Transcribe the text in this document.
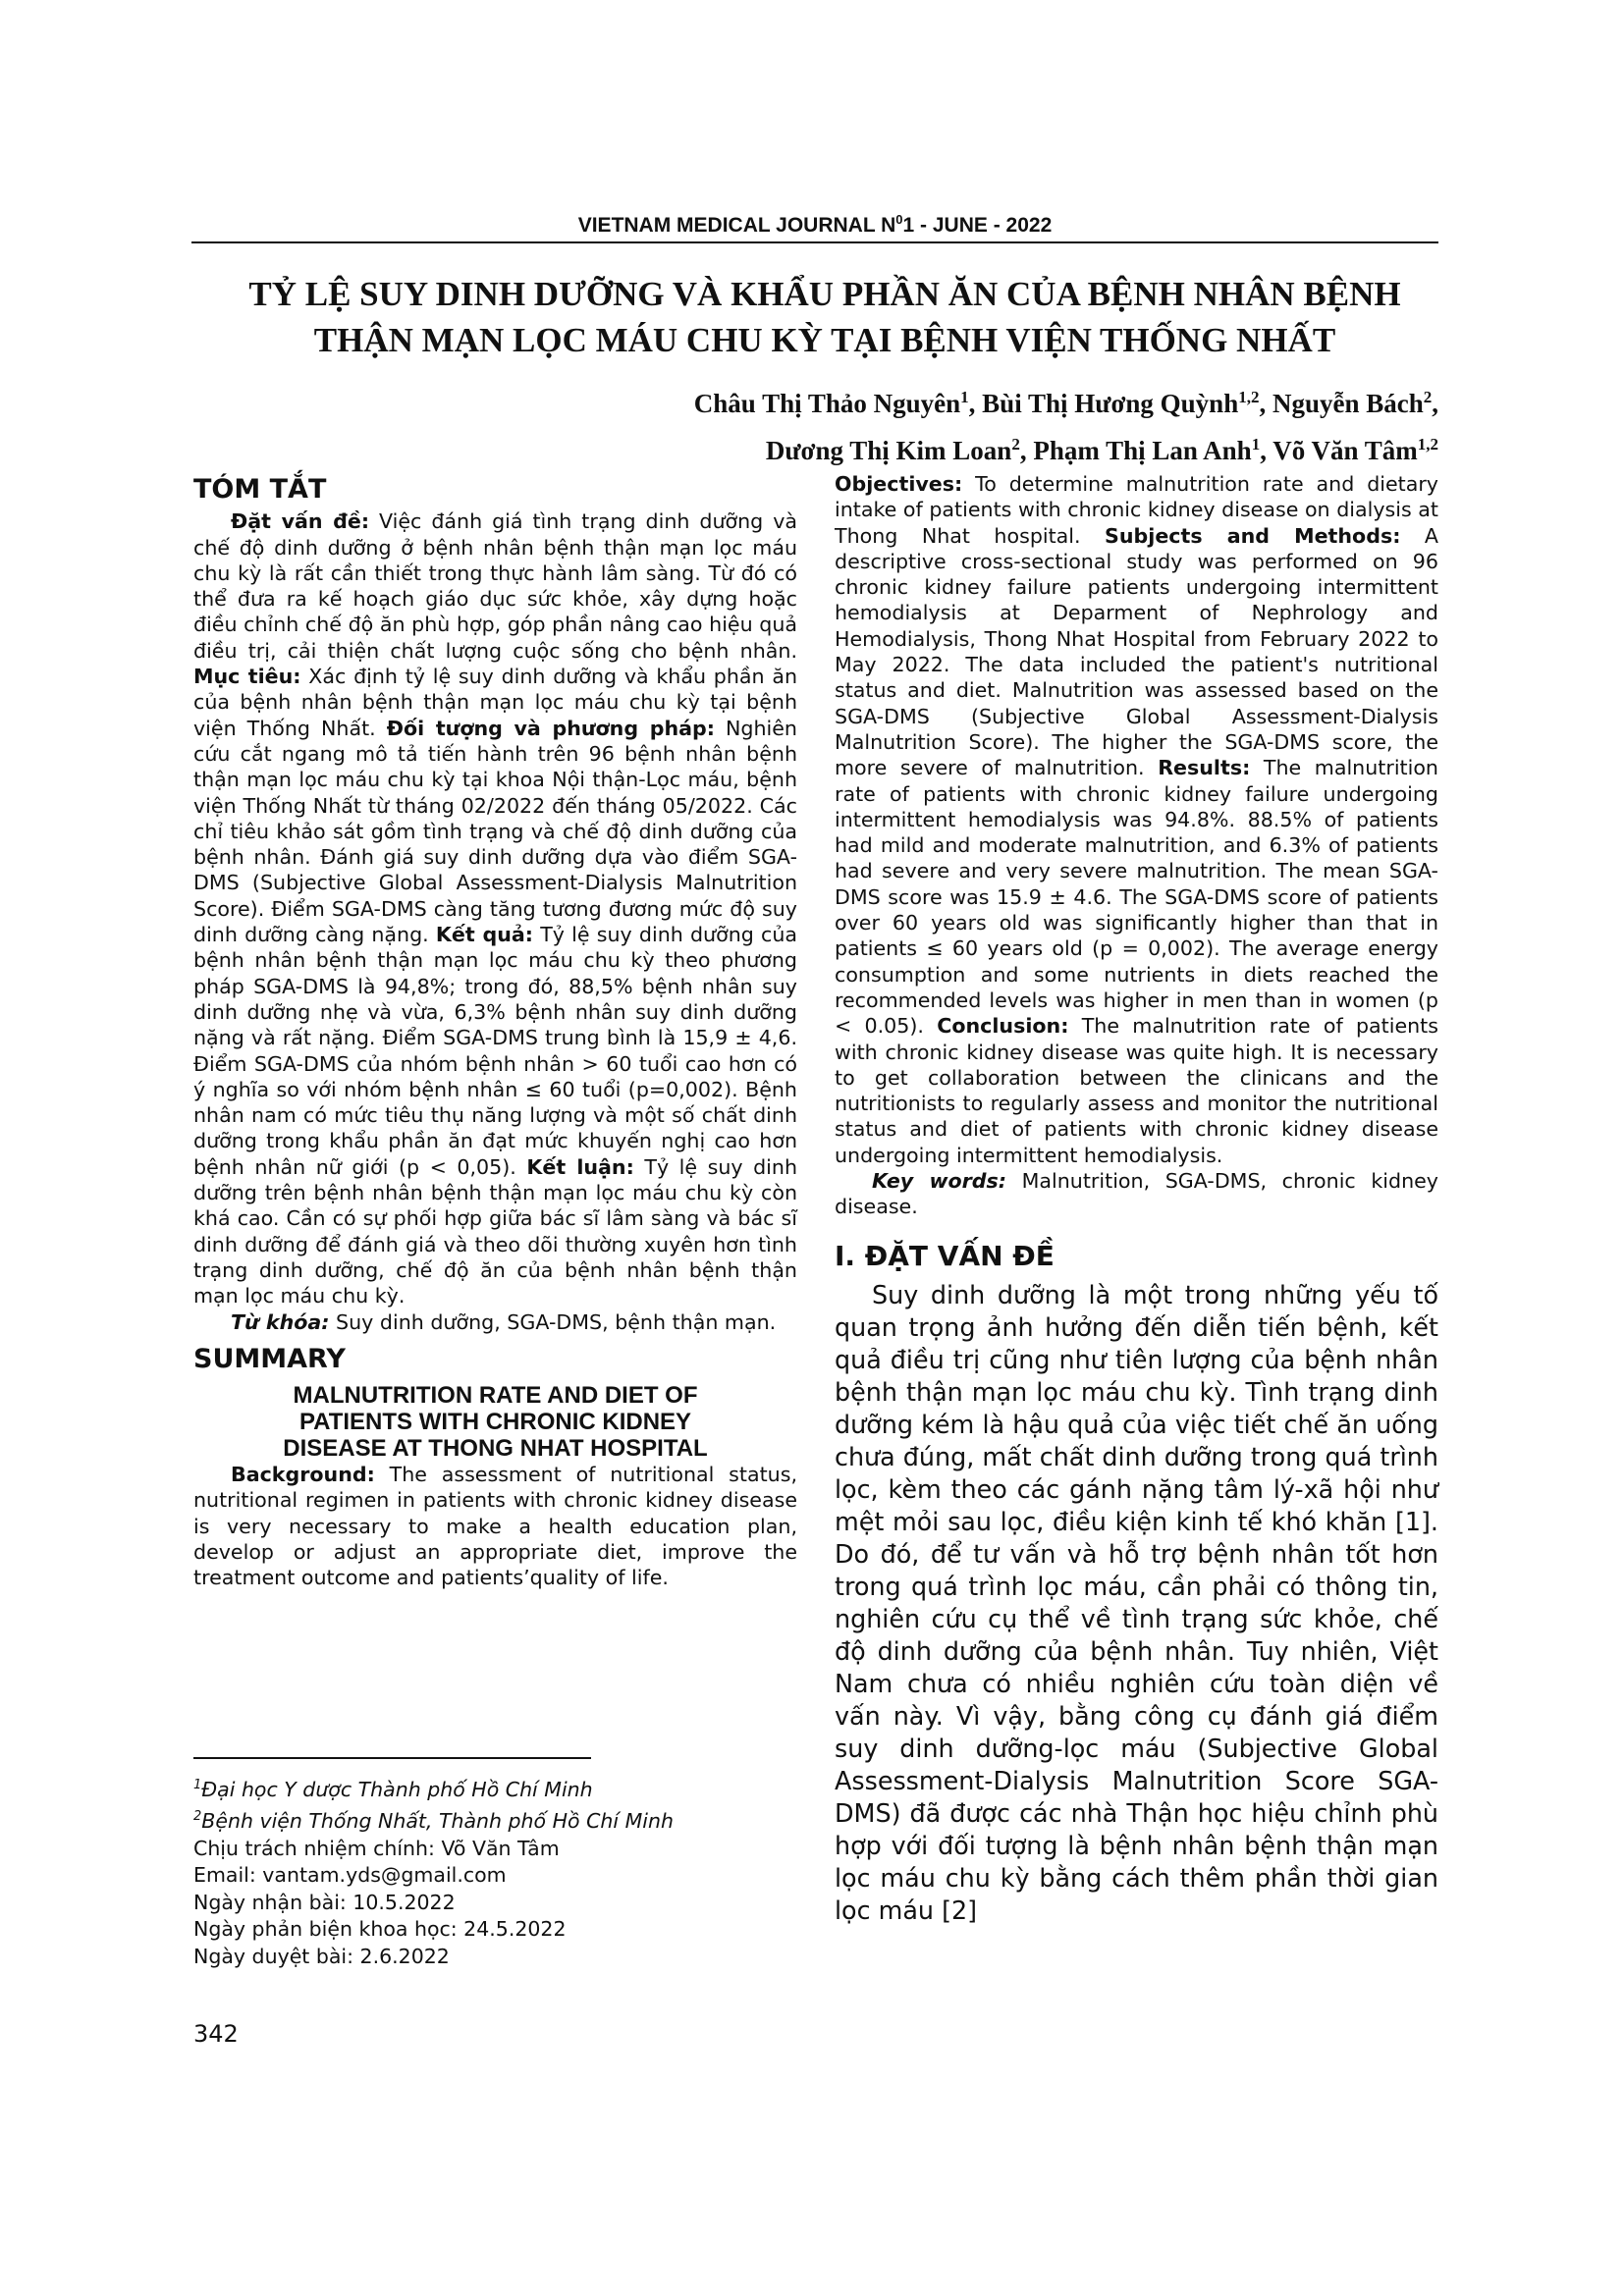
VIETNAM MEDICAL JOURNAL $N^01$ - JUNE - 2022
TỶ LỆ SUY DINH DƯỠNG VÀ KHẨU PHẦN ĂN CỦA BỆNH NHÂN BỆNH
THẬN MẠN LỌC MÁU CHU KỲ TẠI BỆNH VIỆN THỐNG NHẤT
Châu Thị Thảo Nguyên$^1$, Bùi Thị Hương Quỳnh$^{1,2}$, Nguyễn Bách$^2$,
Dương Thị Kim Loan$^2$, Phạm Thị Lan Anh$^1$, Võ Văn Tâm$^{1,2}$

TÓM TẮT

Đặt vấn đề: Việc đánh giá tình trạng dinh dưỡng và chế độ dinh dưỡng ở bệnh nhân bệnh thận mạn lọc máu chu kỳ là rất cần thiết trong thực hành lâm sàng. Từ đó có thể đưa ra kế hoạch giáo dục sức khỏe, xây dựng hoặc điều chỉnh chế độ ăn phù hợp, góp phần nâng cao hiệu quả điều trị, cải thiện chất lượng cuộc sống cho bệnh nhân. Mục tiêu: Xác định tỷ lệ suy dinh dưỡng và khẩu phần ăn của bệnh nhân bệnh thận mạn lọc máu chu kỳ tại bệnh viện Thống Nhất. Đối tượng và phương pháp: Nghiên cứu cắt ngang mô tả tiến hành trên 96 bệnh nhân bệnh thận mạn lọc máu chu kỳ tại khoa Nội thận-Lọc máu, bệnh viện Thống Nhất từ tháng 02/2022 đến tháng 05/2022. Các chỉ tiêu khảo sát gồm tình trạng và chế độ dinh dưỡng của bệnh nhân. Đánh giá suy dinh dưỡng dựa vào điểm SGA-DMS (Subjective Global Assessment-Dialysis Malnutrition Score). Điểm SGA-DMS càng tăng tương đương mức độ suy dinh dưỡng càng nặng. Kết quả: Tỷ lệ suy dinh dưỡng của bệnh nhân bệnh thận mạn lọc máu chu kỳ theo phương pháp SGA-DMS là 94,8%; trong đó, 88,5% bệnh nhân suy dinh dưỡng nhẹ và vừa, 6,3% bệnh nhân suy dinh dưỡng nặng và rất nặng. Điểm SGA-DMS trung bình là 15,9 ± 4,6. Điểm SGA-DMS của nhóm bệnh nhân > 60 tuổi cao hơn có ý nghĩa so với nhóm bệnh nhân ≤ 60 tuổi (p=0,002). Bệnh nhân nam có mức tiêu thụ năng lượng và một số chất dinh dưỡng trong khẩu phần ăn đạt mức khuyến nghị cao hơn bệnh nhân nữ giới (p < 0,05). Kết luận: Tỷ lệ suy dinh dưỡng trên bệnh nhân bệnh thận mạn lọc máu chu kỳ còn khá cao. Cần có sự phối hợp giữa bác sĩ lâm sàng và bác sĩ dinh dưỡng để đánh giá và theo dõi thường xuyên hơn tình trạng dinh dưỡng, chế độ ăn của bệnh nhân bệnh thận mạn lọc máu chu kỳ.

Từ khóa: Suy dinh dưỡng, SGA-DMS, bệnh thận mạn.

SUMMARY

MALNUTRITION RATE AND DIET OF
PATIENTS WITH CHRONIC KIDNEY
DISEASE AT THONG NHAT HOSPITAL

Background: The assessment of nutritional status, nutritional regimen in patients with chronic kidney disease is very necessary to make a health education plan, develop or adjust an appropriate diet, improve the treatment outcome and patients’quality of life.

Objectives: To determine malnutrition rate and dietary intake of patients with chronic kidney disease on dialysis at Thong Nhat hospital. Subjects and Methods: A descriptive cross-sectional study was performed on 96 chronic kidney failure patients undergoing intermittent hemodialysis at Deparment of Nephrology and Hemodialysis, Thong Nhat Hospital from February 2022 to May 2022. The data included the patient's nutritional status and diet. Malnutrition was assessed based on the SGA-DMS (Subjective Global Assessment-Dialysis Malnutrition Score). The higher the SGA-DMS score, the more severe of malnutrition. Results: The malnutrition rate of patients with chronic kidney failure undergoing intermittent hemodialysis was 94.8%. 88.5% of patients had mild and moderate malnutrition, and 6.3% of patients had severe and very severe malnutrition. The mean SGA-DMS score was 15.9 ± 4.6. The SGA-DMS score of patients over 60 years old was significantly higher than that in patients ≤ 60 years old (p = 0,002). The average energy consumption and some nutrients in diets reached the recommended levels was higher in men than in women (p < 0.05). Conclusion: The malnutrition rate of patients with chronic kidney disease was quite high. It is necessary to get collaboration between the clinicans and the nutritionists to regularly assess and monitor the nutritional status and diet of patients with chronic kidney disease undergoing intermittent hemodialysis.

Key words: Malnutrition, SGA-DMS, chronic kidney disease.

I. ĐẶT VẤN ĐỀ

Suy dinh dưỡng là một trong những yếu tố quan trọng ảnh hưởng đến diễn tiến bệnh, kết quả điều trị cũng như tiên lượng của bệnh nhân bệnh thận mạn lọc máu chu kỳ. Tình trạng dinh dưỡng kém là hậu quả của việc tiết chế ăn uống chưa đúng, mất chất dinh dưỡng trong quá trình lọc, kèm theo các gánh nặng tâm lý-xã hội như mệt mỏi sau lọc, điều kiện kinh tế khó khăn [1]. Do đó, để tư vấn và hỗ trợ bệnh nhân tốt hơn trong quá trình lọc máu, cần phải có thông tin, nghiên cứu cụ thể về tình trạng sức khỏe, chế độ dinh dưỡng của bệnh nhân. Tuy nhiên, Việt Nam chưa có nhiều nghiên cứu toàn diện về vấn này. Vì vậy, bằng công cụ đánh giá điểm suy dinh dưỡng-lọc máu (Subjective Global Assessment-Dialysis Malnutrition Score SGA-DMS) đã được các nhà Thận học hiệu chỉnh phù hợp với đối tượng là bệnh nhân bệnh thận mạn lọc máu chu kỳ bằng cách thêm phần thời gian lọc máu [2]

$^1$Đại học Y dược Thành phố Hồ Chí Minh
$^2$Bệnh viện Thống Nhất, Thành phố Hồ Chí Minh
Chịu trách nhiệm chính: Võ Văn Tâm
Email: vantam.yds@gmail.com
Ngày nhận bài: 10.5.2022
Ngày phản biện khoa học: 24.5.2022
Ngày duyệt bài: 2.6.2022
342
